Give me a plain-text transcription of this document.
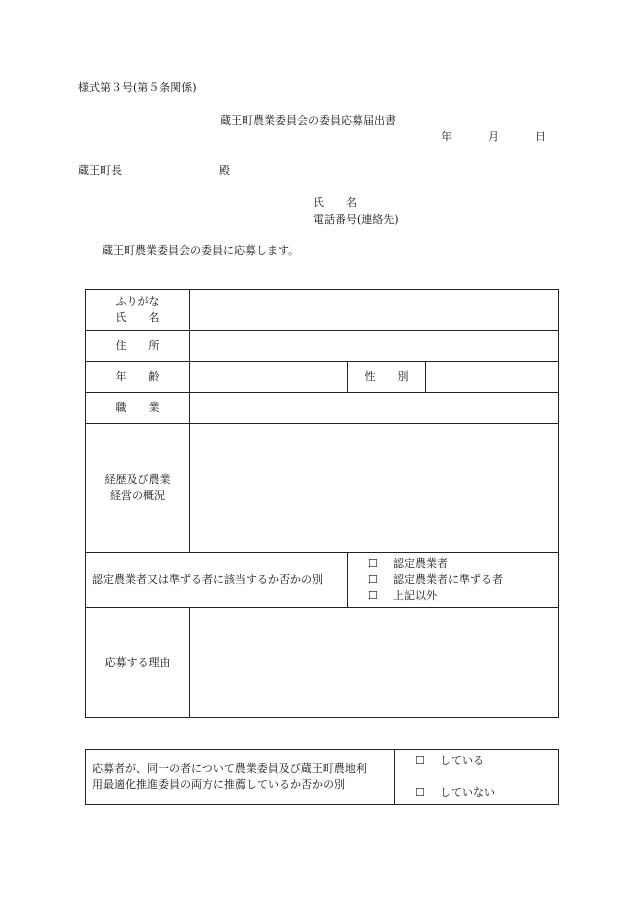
様式第３号(第５条関係)
蔵王町農業委員会の委員応募届出書
年	月	日
蔵王町長	殿
氏　　名
電話番号(連絡先)
蔵王町農業委員会の委員に応募します。
ふりがな
氏　　名			

住　　所			
年　　齢		性　　別	
職　　業			

経歴及び農業
経営の概況			

認定農業者又は準ずる者に該当するか否かの別		☐　 認定農業者
☐　 認定農業者に準ずる者
☐　 上記以外	

応募する理由			
応募者が、同一の者について農業委員及び蔵王町農地利
用最適化推進委員の両方に推薦しているか否かの別

☐　 している
☐　 していない
